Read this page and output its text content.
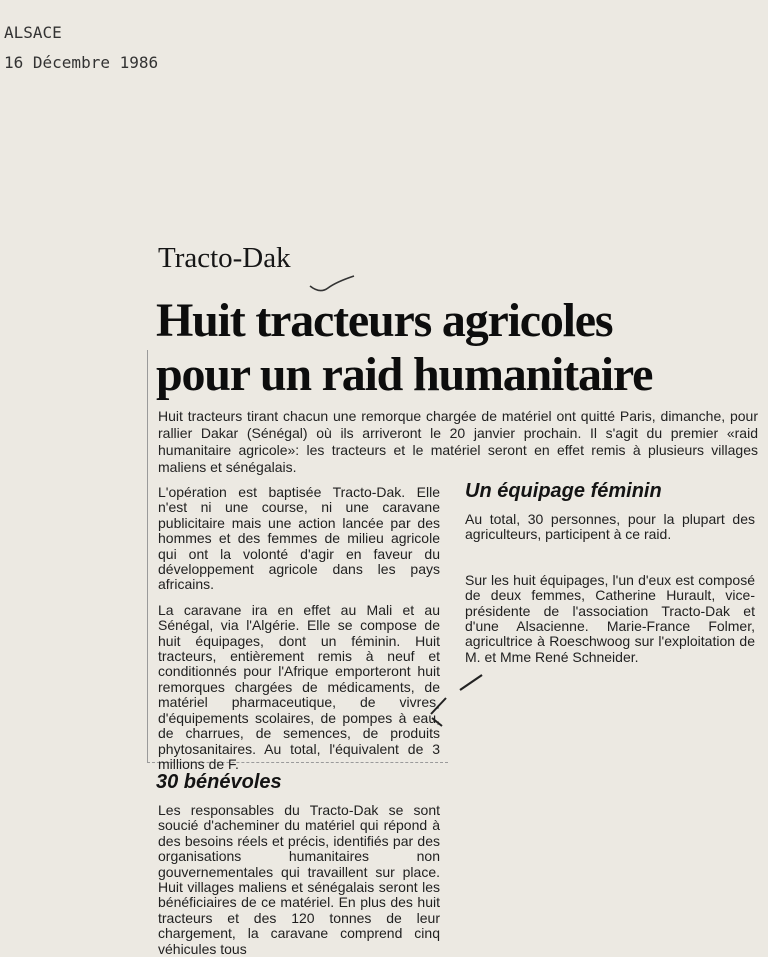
ALSACE
16 Décembre 1986
Tracto-Dak
Huit tracteurs agricoles
pour un raid humanitaire
Huit tracteurs tirant chacun une remorque chargée de matériel ont quitté Paris, dimanche, pour rallier Dakar (Sénégal) où ils arriveront le 20 janvier prochain. Il s'agit du premier «raid humanitaire agricole»: les tracteurs et le matériel seront en effet remis à plusieurs villages maliens et sénégalais.

L'opération est baptisée Tracto-Dak. Elle n'est ni une course, ni une caravane publicitaire mais une action lancée par des hommes et des femmes de milieu agricole qui ont la volonté d'agir en faveur du développement agricole dans les pays africains.

La caravane ira en effet au Mali et au Sénégal, via l'Algérie. Elle se compose de huit équipages, dont un féminin. Huit tracteurs, entièrement remis à neuf et conditionnés pour l'Afrique emporteront huit remorques chargées de médicaments, de matériel pharmaceutique, de vivres, d'équipements scolaires, de pompes à eau, de charrues, de semences, de produits phytosanitaires. Au total, l'équivalent de 3 millions de F.

30 bénévoles

Les responsables du Tracto-Dak se sont soucié d'acheminer du matériel qui répond à des besoins réels et précis, identifiés par des organisations humanitaires non gouvernementales qui travaillent sur place. Huit villages maliens et sénégalais seront les bénéficiaires de ce matériel. En plus des huit tracteurs et des 120 tonnes de leur chargement, la caravane comprend cinq véhicules tous

Un équipage féminin

Au total, 30 personnes, pour la plupart des agriculteurs, participent à ce raid.

Sur les huit équipages, l'un d'eux est composé de deux femmes, Catherine Hurault, vice-présidente de l'association Tracto-Dak et d'une Alsacienne. Marie-France Folmer, agricultrice à Roeschwoog sur l'exploitation de M. et Mme René Schneider.
